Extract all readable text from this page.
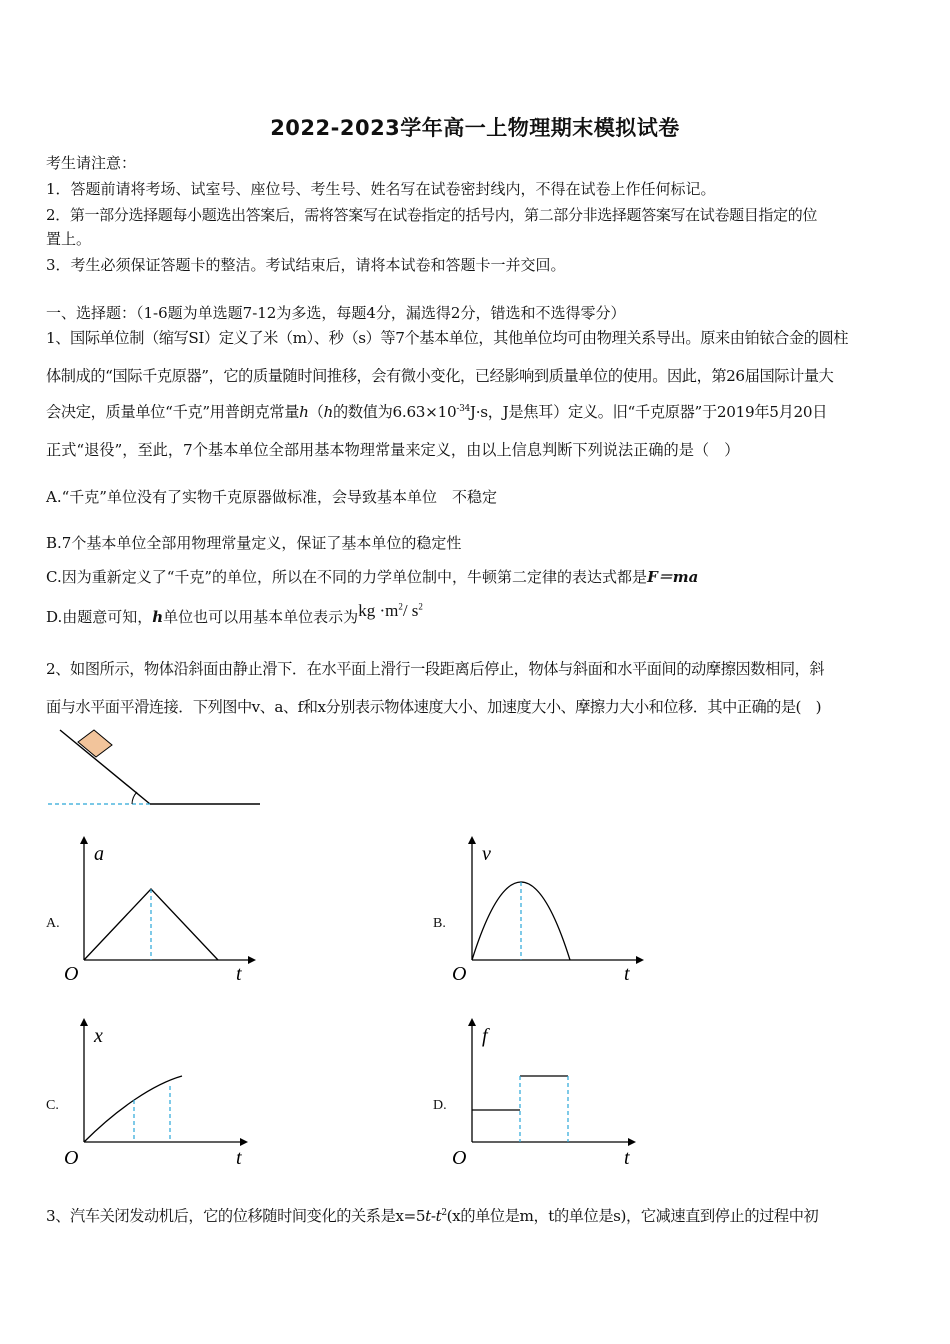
2022-2023学年高一上物理期末模拟试卷
考生请注意：
1．答题前请将考场、试室号、座位号、考生号、姓名写在试卷密封线内，不得在试卷上作任何标记。
2．第一部分选择题每小题选出答案后，需将答案写在试卷指定的括号内，第二部分非选择题答案写在试卷题目指定的位
置上。
3．考生必须保证答题卡的整洁。考试结束后，请将本试卷和答题卡一并交回。
一、选择题：（1-6题为单选题7-12为多选，每题4分，漏选得2分，错选和不选得零分）
1、国际单位制（缩写SI）定义了米（m）、秒（s）等7个基本单位，其他单位均可由物理关系导出。原来由铂铱合金的圆柱
体制成的“国际千克原器”，它的质量随时间推移，会有微小变化，已经影响到质量单位的使用。因此，第26届国际计量大
会决定，质量单位“千克”用普朗克常量h（h的数值为$6.63\times 10^{-34}J\cdot s$，J是焦耳）定义。旧“千克原器”于2019年5月20日
正式“退役”，至此，7个基本单位全部用基本物理常量来定义，由以上信息判断下列说法正确的是（　）
A.“千克”单位没有了实物千克原器做标准，会导致基本单位　不稳定
B.7个基本单位全部用物理常量定义，保证了基本单位的稳定性
C.因为重新定义了“千克”的单位，所以在不同的力学单位制中，牛顿第二定律的表达式都是F＝ma
D.由题意可知，h单位也可以用基本单位表示为kg $\cdot m^2/$ $s^2$
2、如图所示，物体沿斜面由静止滑下．在水平面上滑行一段距离后停止，物体与斜面和水平面间的动摩擦因数相同，斜
面与水平面平滑连接．下列图中v、a、f和x分别表示物体速度大小、加速度大小、摩擦力大小和位移．其中正确的是(　)
A.
a
O	t
B.
v
O	t
C.
x
O	t
D.
f
O	t
3、汽车关闭发动机后，它的位移随时间变化的关系是$x=5t-t^2(x$的单位是m，t的单位是s)，它减速直到停止的过程中初
